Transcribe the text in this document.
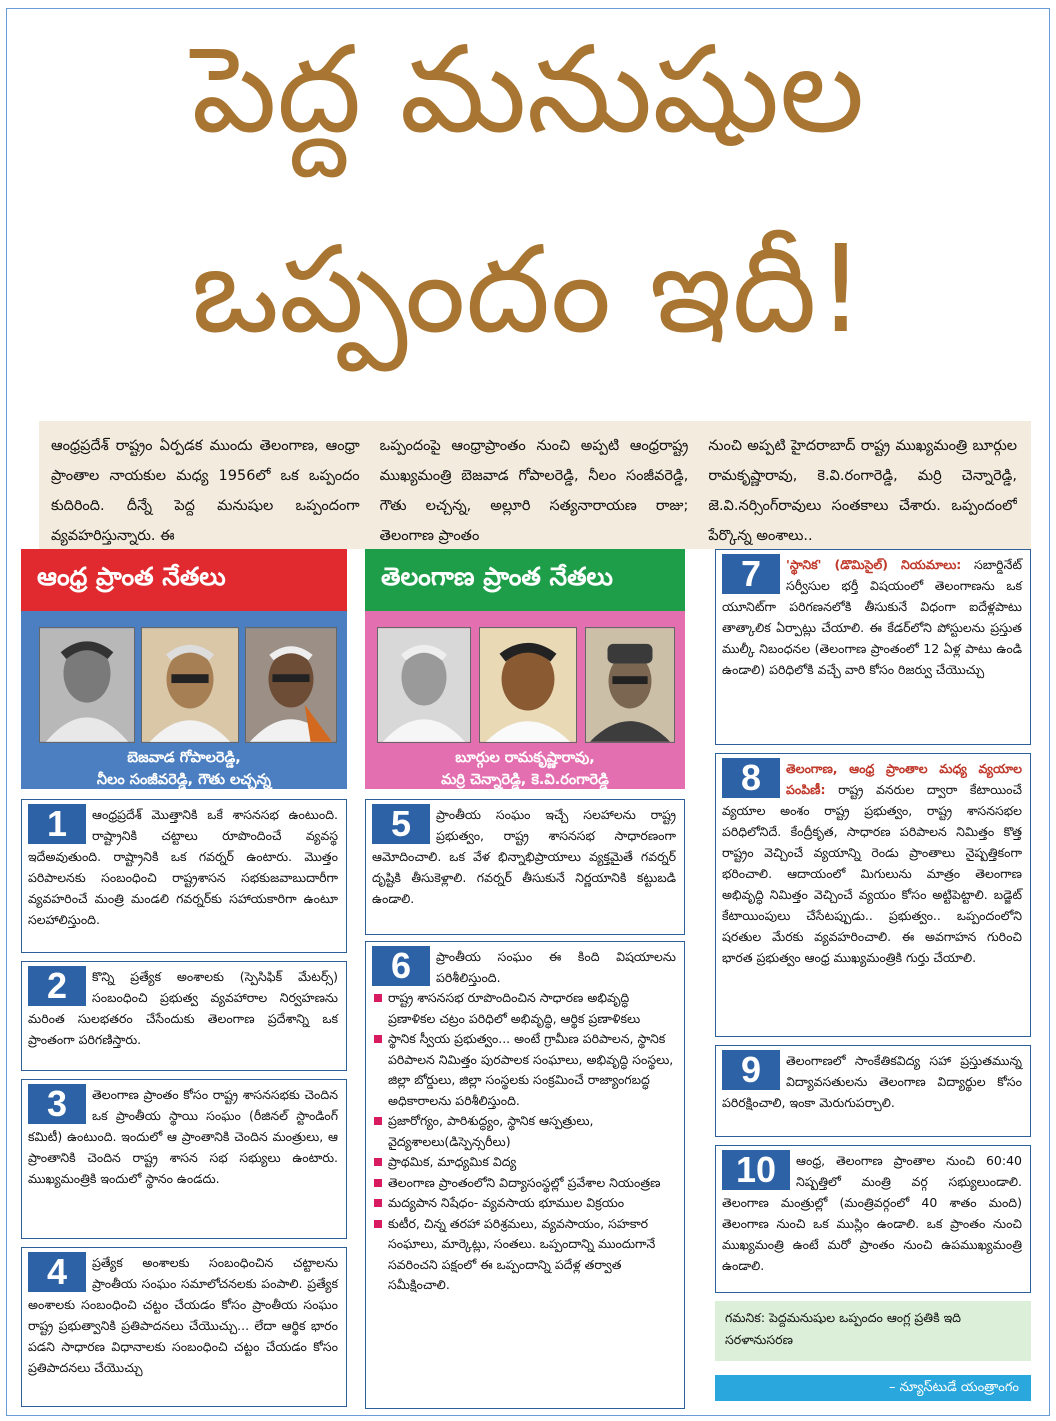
పెద్ద మనుషుల
ఒప్పందం ఇదీ!
ఆంధ్రప్రదేశ్ రాష్ట్రం ఏర్పడక ముందు తెలంగాణ, ఆంధ్రా ప్రాంతాల నాయకుల మధ్య 1956లో ఒక ఒప్పందం కుదిరింది. దీన్నే పెద్ద మనుషుల ఒప్పందంగా వ్యవహరిస్తున్నారు. ఈ
ఒప్పందంపై ఆంధ్రాప్రాంతం నుంచి అప్పటి ఆంధ్రరాష్ట్ర ముఖ్యమంత్రి బెజవాడ గోపాలరెడ్డి, నీలం సంజీవరెడ్డి, గౌతు లచ్చన్న, అల్లూరి సత్యనారాయణ రాజు; తెలంగాణ ప్రాంతం
నుంచి అప్పటి హైదరాబాద్ రాష్ట్ర ముఖ్యమంత్రి బూర్గుల రామకృష్ణారావు, కె.వి.రంగారెడ్డి, మర్రి చెన్నారెడ్డి, జె.వి.నర్సింగ్‌రావులు సంతకాలు చేశారు. ఒప్పందంలో పేర్కొన్న అంశాలు..
ఆంధ్ర ప్రాంత నేతలు
బెజవాడ గోపాలరెడ్డి,
నీలం సంజీవరెడ్డి, గౌతు లచ్చన్న
తెలంగాణ ప్రాంత నేతలు
బూర్గుల రామకృష్ణారావు,
మర్రి చెన్నారెడ్డి, కె.వి.రంగారెడ్డి
1	ఆంధ్రప్రదేశ్ మొత్తానికి ఒకే శాసనసభ ఉంటుంది. రాష్ట్రానికి చట్టాలు రూపొందించే వ్యవస్థ ఇదేఅవుతుంది. రాష్ట్రానికి ఒక గవర్నర్ ఉంటారు. మొత్తం పరిపాలనకు సంబంధించి రాష్ట్రశాసన సభకుజవాబుదారీగా వ్యవహరించే మంత్రి మండలి గవర్నర్‌కు సహాయకారిగా ఉంటూ సలహాలిస్తుంది.
2	కొన్ని ప్రత్యేక అంశాలకు (స్పెసిఫిక్ మేటర్స్) సంబంధించి ప్రభుత్వ వ్యవహారాల నిర్వహణను మరింత సులభతరం చేసేందుకు తెలంగాణ ప్రదేశాన్ని ఒక ప్రాంతంగా పరిగణిస్తారు.
3	తెలంగాణ ప్రాంతం కోసం రాష్ట్ర శాసనసభకు చెందిన ఒక ప్రాంతీయ స్థాయి సంఘం (రీజినల్ స్టాండింగ్ కమిటీ) ఉంటుంది. ఇందులో ఆ ప్రాంతానికి చెందిన మంత్రులు, ఆ ప్రాంతానికి చెందిన రాష్ట్ర శాసన సభ సభ్యులు ఉంటారు. ముఖ్యమంత్రికి ఇందులో స్థానం ఉండదు.
4	ప్రత్యేక అంశాలకు సంబంధించిన చట్టాలను ప్రాంతీయ సంఘం సమాలోచనలకు పంపాలి. ప్రత్యేక అంశాలకు సంబంధించి చట్టం చేయడం కోసం ప్రాంతీయ సంఘం రాష్ట్ర ప్రభుత్వానికి ప్రతిపాదనలు చేయొచ్చు... లేదా ఆర్థిక భారం పడని సాధారణ విధానాలకు సంబంధించి చట్టం చేయడం కోసం ప్రతిపాదనలు చేయొచ్చు
5	ప్రాంతీయ సంఘం ఇచ్చే సలహాలను రాష్ట్ర ప్రభుత్వం, రాష్ట్ర శాసనసభ సాధారణంగా ఆమోదించాలి. ఒక వేళ భిన్నాభిప్రాయాలు వ్యక్తమైతే గవర్నర్ దృష్టికి తీసుకెళ్లాలి. గవర్నర్ తీసుకునే నిర్ణయానికి కట్టుబడి ఉండాలి.
6	ప్రాంతీయ సంఘం ఈ కింది విషయాలను పరిశీలిస్తుంది.
రాష్ట్ర శాసనసభ రూపొందించిన సాధారణ అభివృద్ధి ప్రణాళికల చట్రం పరిధిలో అభివృద్ధి, ఆర్థిక ప్రణాళికలు
స్థానిక స్వీయ ప్రభుత్వం... అంటే గ్రామీణ పరిపాలన, స్థానిక పరిపాలన నిమిత్తం పురపాలక సంఘాలు, అభివృద్ధి సంస్థలు, జిల్లా బోర్డులు, జిల్లా సంస్థలకు సంక్రమించే రాజ్యాంగబద్ధ అధికారాలను పరిశీలిస్తుంది.
ప్రజారోగ్యం, పారిశుద్ధ్యం, స్థానిక ఆస్పత్రులు, వైద్యశాలలు(డిస్పెన్సరీలు)
ప్రాథమిక, మాధ్యమిక విద్య
తెలంగాణ ప్రాంతంలోని విద్యాసంస్థల్లో ప్రవేశాల నియంత్రణ
మద్యపాన నిషేధం- వ్యవసాయ భూముల విక్రయం
కుటీర, చిన్న తరహా పరిశ్రమలు, వ్యవసాయం, సహకార సంఘాలు, మార్కెట్లు, సంతలు. ఒప్పందాన్ని ముందుగానే సవరించని పక్షంలో ఈ ఒప్పందాన్ని పదేళ్ల తర్వాత సమీక్షించాలి.
7	'స్థానిక' (డొమిసైల్) నియమాలు: సబార్డినేట్ సర్వీసుల భర్తీ విషయంలో తెలంగాణను ఒక యూనిట్‌గా పరిగణనలోకి తీసుకునే విధంగా ఐదేళ్లపాటు తాత్కాలిక ఏర్పాట్లు చేయాలి. ఈ కేడర్‌లోని పోస్టులను ప్రస్తుత ముల్కీ నిబంధనల (తెలంగాణ ప్రాంతంలో 12 ఏళ్ల పాటు ఉండి ఉండాలి) పరిధిలోకి వచ్చే వారి కోసం రిజర్వు చేయొచ్చు
8	తెలంగాణ, ఆంధ్ర ప్రాంతాల మధ్య వ్యయాల పంపిణీ: రాష్ట్ర వనరుల ద్వారా కేటాయించే వ్యయాల అంశం రాష్ట్ర ప్రభుత్వం, రాష్ట్ర శాసనసభల పరిధిలోనిదే. కేంద్రీకృత, సాధారణ పరిపాలన నిమిత్తం కొత్త రాష్ట్రం వెచ్చించే వ్యయాన్ని రెండు ప్రాంతాలు నైష్పత్తికంగా భరించాలి. ఆదాయంలో మిగులును మాత్రం తెలంగాణ అభివృద్ధి నిమిత్తం వెచ్చించే వ్యయం కోసం అట్టిపెట్టాలి. బడ్జెట్ కేటాయింపులు చేసేటప్పుడు.. ప్రభుత్వం.. ఒప్పందంలోని షరతుల మేరకు వ్యవహరించాలి. ఈ అవగాహన గురించి భారత ప్రభుత్వం ఆంధ్ర ముఖ్యమంత్రికి గుర్తు చేయాలి.
9	తెలంగాణలో సాంకేతికవిద్య సహా ప్రస్తుతమున్న విద్యావసతులను తెలంగాణ విద్యార్థుల కోసం పరిరక్షించాలి, ఇంకా మెరుగుపర్చాలి.
10	ఆంధ్ర, తెలంగాణ ప్రాంతాల నుంచి 60:40 నిష్పత్తిలో మంత్రి వర్గ సభ్యులుండాలి. తెలంగాణ మంత్రుల్లో (మంత్రివర్గంలో 40 శాతం మంది) తెలంగాణ నుంచి ఒక ముస్లిం ఉండాలి. ఒక ప్రాంతం నుంచి ముఖ్యమంత్రి ఉంటే మరో ప్రాంతం నుంచి ఉపముఖ్యమంత్రి ఉండాలి.
గమనిక: పెద్దమనుషుల ఒప్పందం ఆంగ్ల ప్రతికి ఇది సరళానుసరణ
– న్యూస్‌టుడే యంత్రాంగం
